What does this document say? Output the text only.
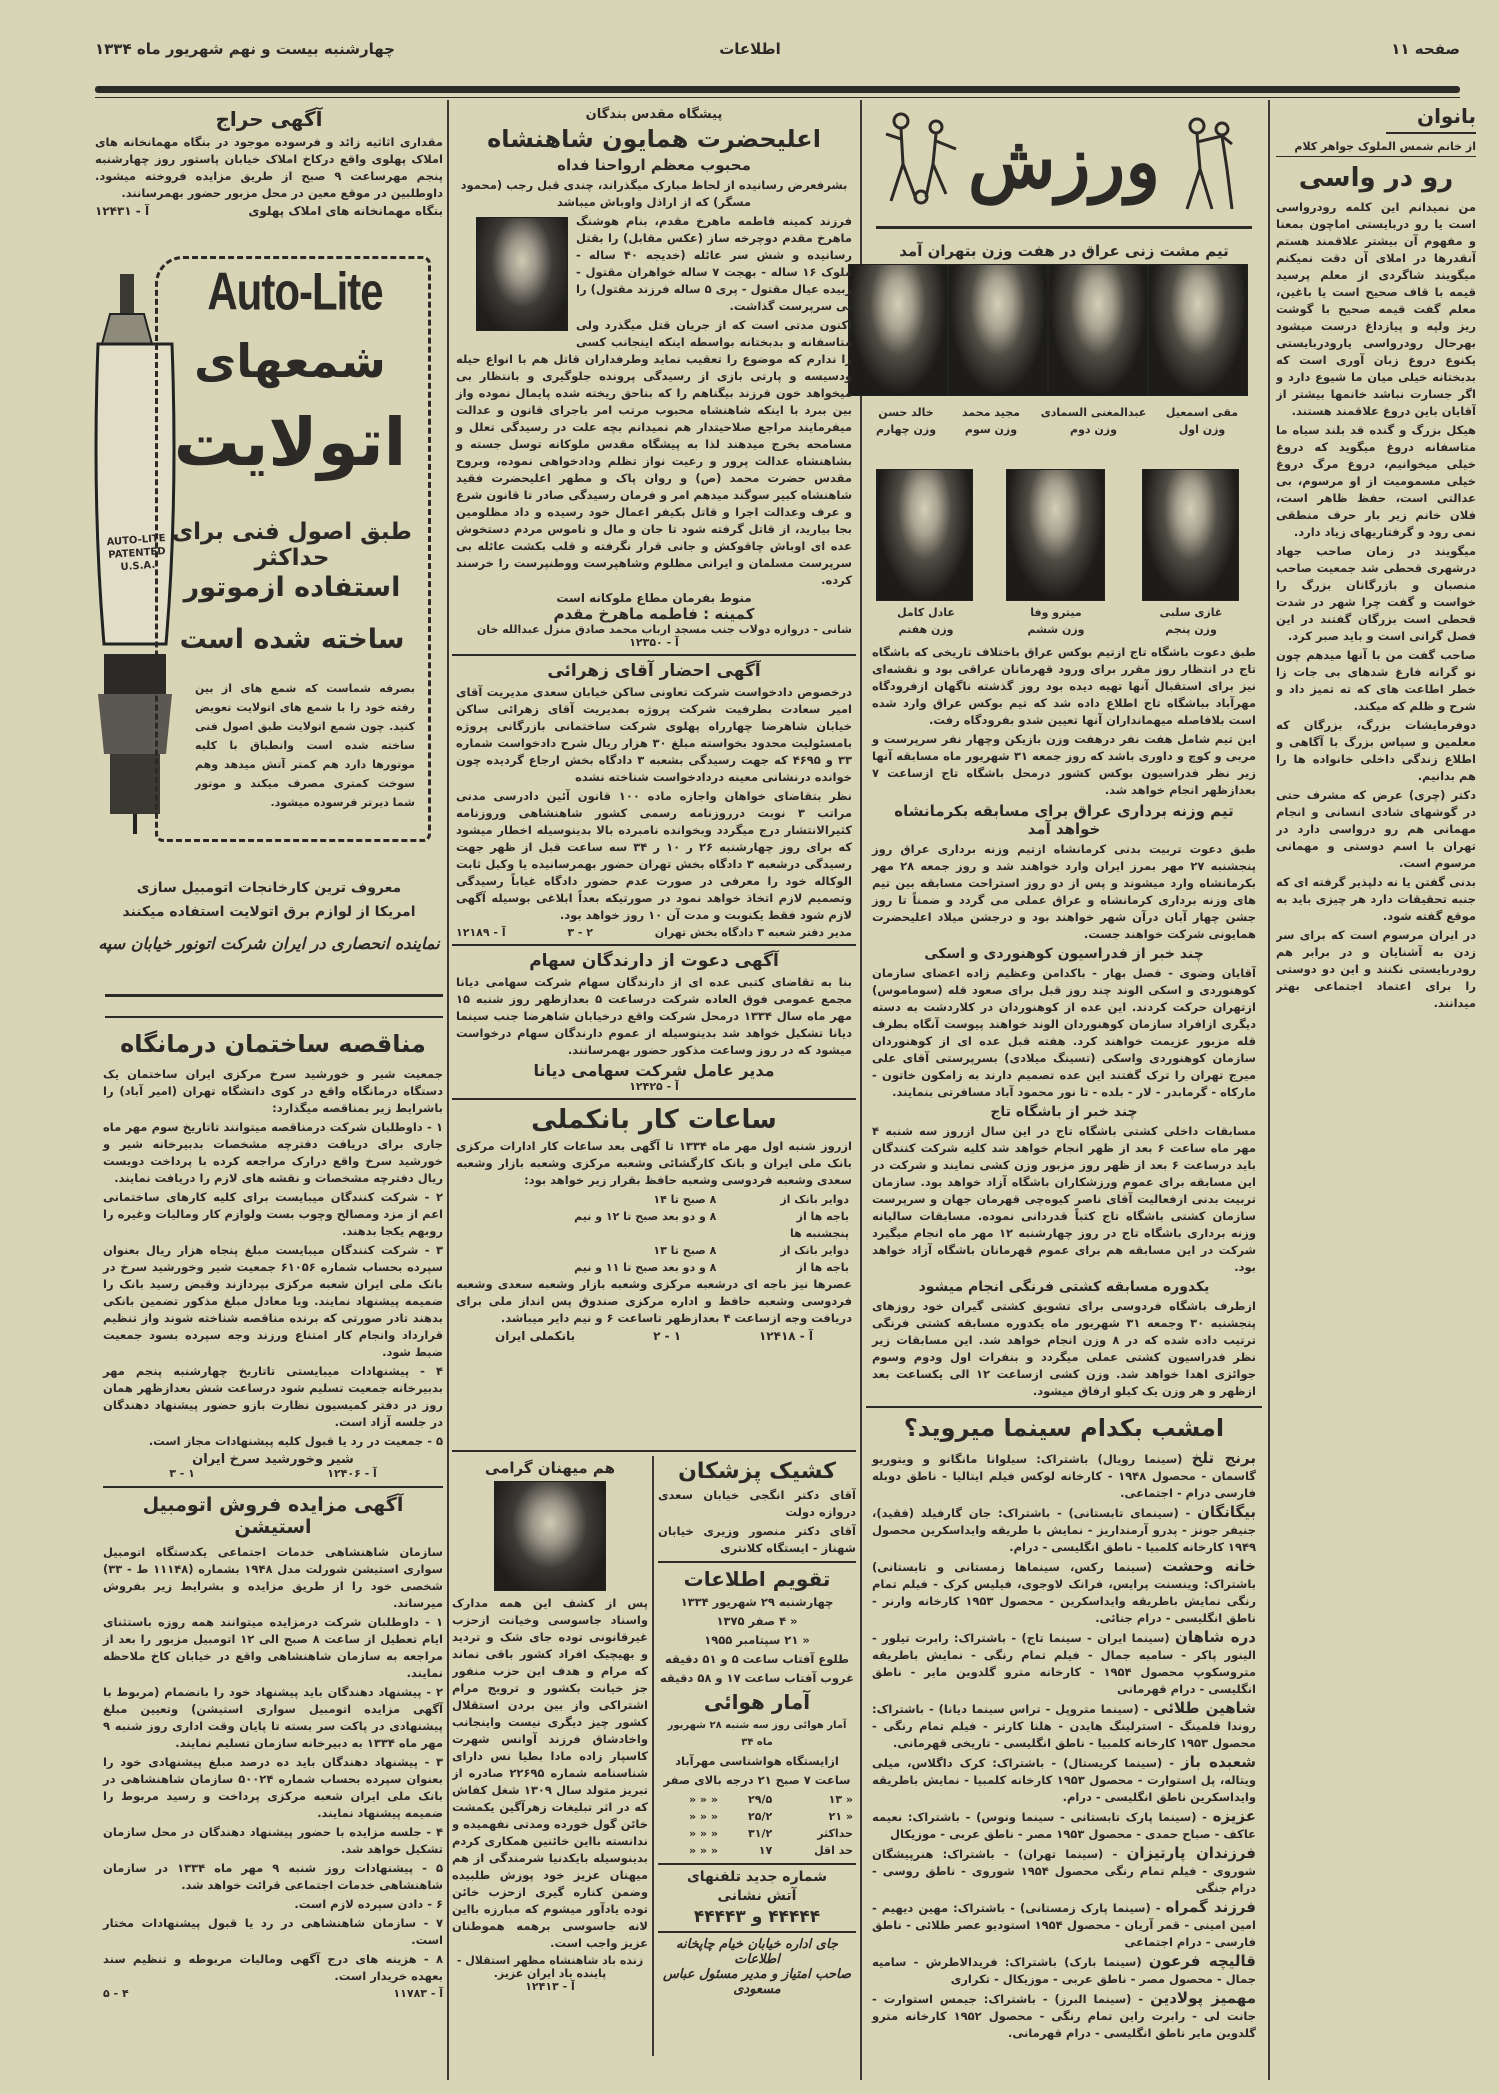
صفحه ۱۱
اطلاعات
چهارشنبه بیست و نهم شهریور ماه ۱۳۳۴
بانوان
از خانم شمس الملوک جواهر کلام
رو در واسی

من نمیدانم این کلمه رودرواسی است یا رو دربایستی اماچون بمعنا و مفهوم آن بیشتر علاقمند هستم آنقدرها در املای آن دقت نمیکنم میگویند شاگردی از معلم پرسید قیمه با قاف صحیح است یا باغین، معلم گفت قیمه صحیح با گوشت ریز ولپه و پیازداغ درست میشود بهرحال رودرواسی یارودربایستی یکنوع دروغ زبان آوری است که بدبختانه خیلی میان ما شیوع دارد و اگر جسارت نباشد خانمها بیشتر از آقایان باین دروغ علاقمند هستند.

هیکل بزرگ و گنده قد بلند سیاه ما متاسفانه دروغ میگوید که دروغ خیلی میخوانیم، دروغ مرگ دروغ خیلی مسمومیت از او مرسوم، بی عدالتی است، حفظ ظاهر است، فلان خانم زیر بار حرف منطقی نمی رود و گرفتاریهای زیاد دارد.

میگویند در زمان صاحب جهاد درشهری قحطی شد جمعیت صاحب منصبان و بازرگانان بزرگ را خواست و گفت چرا شهر در شدت قحطی است بزرگان گفتند در این فصل گرانی است و باید صبر کرد.

صاحب گفت من با آنها میدهم چون نو گرانه فارغ شدهای بی جات زا خطر اطاعت های که ته تمیز داد و شرح و ظلم که میکند.

دوفرمايشات بزرگ، بزرگان که معلمین و سپاس بزرگ با آگاهی و اطلاع زندگی داخلی خانواده ها را هم بدانیم.

دکتر (چری) عرض که مشرف حتی در گوشهای شادی انسانی و انجام مهمانی هم رو درواسی دارد در تهران با اسم دوستی و مهمانی مرسوم است.

بدنی گفتن یا نه دلپذیر گرفته ای که جنبه تحقیقات دارد هر چیزی باید به موقع گفته شود.

در ایران مرسوم است که برای سر زدن به آشنایان و در برابر هم رودربایستی نکنند و این دو دوستی را برای اعتماد اجتماعی بهتر میدانند.

ورزش
تیم مشت زنی عراق در هفت وزن بتهران آمد
مقی اسمعیل
وزن اول
عبدالمغنی السمادی
وزن دوم
مجید محمد
وزن سوم
خالد حسن
وزن چهارم
غازی سلبی
وزن پنجم
میترو وفا
وزن ششم
عادل کامل
وزن هفتم

طبق دعوت باشگاه تاج ازتیم بوکس عراق باختلاف تاریخی که باشگاه تاج در انتظار روز مقرر برای ورود قهرمانان عراقی بود و نقشه‌ای نیز برای استقبال آنها تهیه دیده بود روز گذشته ناگهان ازفرودگاه مهرآباد بباشگاه تاج اطلاع داده شد که تیم بوکس عراق وارد شده است بلافاصله میهمانداران آنها تعیین شدو بفرودگاه رفت.

این تیم شامل هفت نفر درهفت وزن بازیکن وچهار نفر سرپرست و مربی و کوچ و داوری باشد که روز جمعه ۳۱ شهریور ماه مسابقه آنها زیر نظر فدراسیون بوکس کشور درمحل باشگاه تاج ازساعت ۷ بعدازظهر انجام خواهد شد.

تیم وزنه برداری عراق برای مسابقه بکرمانشاه خواهد آمد

طبق دعوت تربیت بدنی کرمانشاه ازتیم وزنه برداری عراق روز پنجشنبه ۲۷ مهر بمرز ایران وارد خواهند شد و روز جمعه ۲۸ مهر بکرمانشاه وارد میشوند و پس از دو روز استراحت مسابقه بین تیم های وزنه برداری کرمانشاه و عراق عملی می گردد و ضمناً تا روز جشن چهار آبان درآن شهر خواهند بود و درجشن میلاد اعلیحضرت همایونی شرکت خواهند جست.

چند خبر از فدراسیون کوهنوردی و اسکی

آقایان وضوی - فصل بهار - باکدامن وعظیم زاده اعضای سازمان کوهنوردی و اسکی الوند چند روز قبل برای صعود قله (سوماموس) ازتهران حرکت کردند. این عده از کوهنوردان در کلاردشت به دسته دیگری ازافراد سازمان کوهنوردان الوند خواهند پیوست آنگاه بطرف قله مزبور عزیمت خواهند کرد. هفته قبل عده ای از کوهنوردان سازمان کوهنوردی واسکی (تسینگ میلادی) بسرپرستی آقای علی میرج تهران را ترک گفتند این عده تصمیم دارند به زامکون خاتون - مارکاه - گرمابدر - لار - بلده - تا نور محمود آباد مسافرتی بنمایند.

چند خبر از باشگاه تاج

مسابقات داخلی کشتی باشگاه تاج در این سال ازروز سه شنبه ۴ مهر ماه ساعت ۶ بعد از ظهر انجام خواهد شد کلیه شرکت کنندگان باید درساعت ۶ بعد از ظهر روز مزبور وزن کشی نمایند و شرکت در این مسابقه برای عموم ورزشکاران باشگاه آزاد خواهد بود. سازمان تربیت بدنی ازفعالیت آقای ناصر کیوه‌چی قهرمان جهان و سرپرست سازمان کشتی باشگاه تاج کتباً قدردانی نموده. مسابقات سالیانه وزنه برداری باشگاه تاج در روز چهارشنبه ۱۲ مهر ماه انجام میگیرد شرکت در این مسابقه هم برای عموم قهرمانان باشگاه آزاد خواهد بود.

یکدوره مسابقه کشتی فرنگی انجام میشود

ازطرف باشگاه فردوسی برای تشویق کشتی گیران خود روزهای پنجشنبه ۳۰ وجمعه ۳۱ شهریور ماه یکدوره مسابقه کشتی فرنگی ترتیب داده شده که در ۸ وزن انجام خواهد شد. این مسابقات زیر نظر فدراسیون کشتی عملی میگردد و بنفرات اول ودوم وسوم جوائزی اهدا خواهد شد. وزن کشی ازساعت ۱۲ الی یکساعت بعد ازظهر و هر وزن یک کیلو ارفاق میشود.

امشب بکدام سینما میروید؟

برنج تلخ (سینما رویال) باشتراک: سیلوانا مانگانو و ویتوریو گاسمان - محصول ۱۹۴۸ - کارخانه لوکس فیلم ایتالیا - ناطق دوبله فارسی درام - اجتماعی.

بیگانگان - (سینمای تابستانی) - باشتراک: جان گارفیلد (فقید)، جنیفر جونز - پدرو آرمنداریز - نمایش با طریقه وایداسکرین محصول ۱۹۴۹ کارخانه کلمبیا - ناطق انگلیسی - درام.

خانه وحشت (سینما رکس، سینماها زمستانی و تابستانی) باشتراک: وینسنت پرایس، فرانک لاوجوی، فیلیس کرک - فیلم تمام رنگی نمایش باطریقه وایداسکرین - محصول ۱۹۵۳ کارخانه وارنر - ناطق انگلیسی - درام جنائی.

دره شاهان (سینما ایران - سینما تاج) - باشتراک: رابرت تیلور - الینور پاکر - سامیه جمال - فیلم تمام رنگی - نمایش باطریقه متروسکوپ محصول ۱۹۵۴ - کارخانه مترو گلدوین مایر - ناطق انگلیسی - درام قهرمانی

شاهین طلائی - (سینما متروپل - تراس سینما دیانا) - باشتراک: روندا فلمینگ - استرلینگ هایدن - هلنا کارتر - فیلم تمام رنگی - محصول ۱۹۵۳ کارخانه کلمبیا - ناطق انگلیسی - تاریخی قهرمانی.

شعبده باز - (سینما کریستال) - باشتراک: کرک داگلاس، میلی ویتاله، پل استوارت - محصول ۱۹۵۳ کارخانه کلمبیا - نمایش باطریقه وایداسکرین ناطق انگلیسی - درام.

عزیزه - (سینما پارک تابستانی - سینما ونوس) - باشتراک: نعیمه عاکف - صباح حمدی - محصول ۱۹۵۳ مصر - ناطق عربی - موزیکال

فرزندان پارتیزان - (سینما تهران) - باشتراک: هنرپیشگان شوروی - فیلم تمام رنگی محصول ۱۹۵۴ شوروی - ناطق روسی - درام جنگی

فرزند گمراه - (سینما پارک زمستانی) - باشتراک: مهین دیهیم - امین امینی - قمر آریان - محصول ۱۹۵۴ استودیو عصر طلائی - ناطق فارسی - درام اجتماعی

قالیچه فرعون (سینما بارک) باشتراک: فریدالاطرش - سامیه جمال - محصول مصر - ناطق عربی - موزیکال - تکراری

مهمیز پولادین - (سینما البرز) - باشتراک: جیمس استوارت - جانت لی - رابرت راین تمام رنگی - محصول ۱۹۵۲ کارخانه مترو گلدوین مایر ناطق انگلیسی - درام قهرمانی.

پیشگاه مقدس بندگان
اعلیحضرت همایون شاهنشاه
محبوب معظم ارواحنا فداه

بشرفعرض رسانیده از لحاظ مبارک میگذراند، چندی قبل رجب (محمود مسگر) که از اراذل واوباش میباشد

فرزند کمینه فاطمه ماهرخ مقدم، بنام هوشنگ ماهرخ مقدم دوچرخه ساز (عکس مقابل) را بقتل رسانیده و شش سر عائله (خدیجه ۴۰ ساله - ملوک ۱۶ ساله - بهجت ۷ ساله خواهران مقتول - زبیده عیال مقتول - پری ۵ ساله فرزند مقتول) را بی سرپرست گذاشت.

اکنون مدتی است که از جریان قتل میگذرد ولی متاسفانه و بدبختانه بواسطه اینکه اینجانب کسی را ندارم که موضوع را تعقیب نماید وطرفداران قاتل هم با انواع حیله ودسیسه و پارتی بازی از رسیدگی پرونده جلوگیری و بانتظار بی میخواهد خون فرزند بیگناهم را که بناحق ریخته شده پایمال نموده واز بین ببرد با اینکه شاهنشاه محبوب مرتب امر باجرای قانون و عدالت میفرمایند مراجع صلاحیتدار هم نمیدانم بچه علت در رسیدگی تعلل و مسامحه بخرج میدهند لذا به پیشگاه مقدس ملوکانه توسل جسته و بشاهنشاه عدالت پرور و رعیت نواز تظلم ودادخواهی نموده، وبروح مقدس حضرت محمد (ص) و روان پاک و مطهر اعلیحضرت فقید شاهنشاه کبیر سوگند میدهم امر و فرمان رسیدگی صادر تا قانون شرع و عرف وعدالت اجرا و قاتل بکیفر اعمال خود رسیده و داد مظلومین بجا بیارید، از قاتل گرفته شود تا جان و مال و ناموس مردم دستخوش عده ای اوباش چاقوکش و جانی قرار نگرفته و قلب بکشت عائله بی سرپرست مسلمان و ایرانی مظلوم وشاهپرست ووطنپرست را خرسند کرده.

منوط بفرمان مطاع ملوکانه است
کمینه : فاطمه ماهرخ مقدم
شانی - دروازه دولاب جنب مسجد ارباب محمد صادق منزل عبدالله خان
آ - ۱۲۳۵۰
آگهی احضار آقای زهرائی

درخصوص دادخواست شرکت تعاونی ساکن خیابان سعدی مدیریت آقای امیر سعادت بطرفیت شرکت پروژه بمدیریت آقای زهرائی ساکن خیابان شاهرضا چهارراه پهلوی شرکت ساختمانی بازرگانی پروژه بامسئولیت محدود بخواسته مبلغ ۳۰ هزار ریال شرح دادخواست شماره ۳۳ و ۴۶۹۵ که جهت رسیدگی بشعبه ۳ دادگاه بخش ارجاع گردیده چون خوانده درنشانی معینه دردادخواست شناخته نشده

نظر بتقاضای خواهان واجازه ماده ۱۰۰ قانون آئین دادرسی مدنی مراتب ۳ نوبت درروزنامه رسمی کشور شاهنشاهی وروزنامه کثیرالانتشار درج میگردد وبخوانده نامبرده بالا بدینوسیله اخطار میشود که برای روز چهارشنبه ۲۶ ر ۱۰ ر ۳۴ سه ساعت قبل از ظهر جهت رسیدگی درشعبه ۳ دادگاه بخش تهران حضور بهمرسانیده یا وکیل ثابت الوکاله خود را معرفی در صورت عدم حضور دادگاه غیاباً رسیدگی وتصمیم لازم اتخاذ خواهد نمود در صورتیکه بعداً ابلاغی بوسیله آگهی لازم شود فقط یکنوبت و مدت آن ۱۰ روز خواهد بود.

مدیر دفتر شعبه ۳ دادگاه بخش تهران
۲ - ۳
آ - ۱۲۱۸۹
آگهی دعوت از دارندگان سهام

بنا به تقاضای کتبی عده ای از دارندگان سهام شرکت سهامی دیانا مجمع عمومی فوق العاده شرکت درساعت ۵ بعدازظهر روز شنبه ۱۵ مهر ماه سال ۱۳۳۴ درمحل شرکت واقع درخیابان شاهرضا جنب سینما دیانا تشکیل خواهد شد بدینوسیله از عموم دارندگان سهام درخواست میشود که در روز وساعت مذکور حضور بهمرسانند.

مدیر عامل شرکت سهامی دیانا
آ - ۱۲۴۲۵
ساعات کار بانکملی

ازروز شنبه اول مهر ماه ۱۳۳۴ تا آگهی بعد ساعات کار ادارات مرکزی بانک ملی ایران و بانک کارگشائی وشعبه مرکزی وشعبه بازار وشعبه سعدی وشعبه فردوسی وشعبه حافظ بقرار زیر خواهد بود:

دوایر بانک از	۸ صبح تا ۱۴
باجه ها از	۸ و دو بعد صبح تا ۱۲ و نیم
پنجشنبه ها	
دوایر بانک از	۸ صبح تا ۱۳
باجه ها از	۸ و دو بعد صبح تا ۱۱ و نیم

عصرها نیز باجه ای درشعبه مرکزی وشعبه بازار وشعبه سعدی وشعبه فردوسی وشعبه حافظ و اداره مرکزی صندوق پس انداز ملی برای دریافت وجه ازساعت ۴ بعدازظهر تاساعت ۶ و نیم دایر میباشد.

آ - ۱۲۴۱۸
۱ - ۲
بانکملی ایران
هم میهنان گرامی

پس از کشف این همه مدارک واسناد جاسوسی وخیانت ازحزب غیرقانونی توده جای شک و تردید و بهیچیک افراد کشور باقی نماند که مرام و هدف این حزب منفور جز خیانت بکشور و ترویج مرام اشتراکی واز بین بردن استقلال کشور چیز دیگری نیست واینجانب واخادشاق فرزند آوانس شهرت کاسپار زاده مادا بطیا نس دارای شناسنامه شماره ۲۲۶۹۵ صادره از تبریز متولد سال ۱۳۰۹ شغل کفاش که در اثر تبلیغات زهرآگین یکمشت خائن گول خورده ومدتی نفهمیده و ندانسته بااین خائنین همکاری کردم بدینوسیله بایکدنیا شرمندگی از هم میهنان عزیز خود پوزش طلبیده وضمن کناره گیری ازحزب خائن توده یادآور میشوم که مبارزه بااین لانه جاسوسی برهمه هموطنان عزیز واجب است.

زنده باد شاهنشاه مظهر استقلال - پاینده باد ایران عزیز.
آ - ۱۲۴۱۳
کشیک پزشکان
آقای دکتر انگجی خیابان سعدی دروازه دولت
آقای دکتر منصور وزیری خیابان شهناز - ایستگاه کلانتری
تقویم اطلاعات
چهارشنبه ۲۹ شهریور ۱۳۳۴
« ۴ صفر ۱۳۷۵
« ۲۱ سپتامبر ۱۹۵۵
طلوع آفتاب ساعت ۵ و ۵۱ دقیقه
غروب آفتاب ساعت ۱۷ و ۵۸ دقیقه
آمار هوائی
آمار هوائی روز سه شنبه ۲۸ شهریور ماه ۳۴
ازایستگاه هواشناسی مهرآباد
ساعت ۷ صبح ۲۱ درجه بالای صفر
« ۱۳	۲۹/۵	« « «
« ۲۱	۲۵/۲	« « «
حداکثر	۳۱/۲	« « «
حد اقل	۱۷	« « «
شماره جدید تلفنهای
آتش نشانی
۴۴۴۴۴ و ۴۴۴۴۳
جای اداره خیابان خیام چاپخانه اطلاعات
صاحب امتیاز و مدیر مسئول عباس مسعودی
آگهی حراج

مقداری اثاثیه زائد و فرسوده موجود در بنگاه مهمانخانه های املاک پهلوی واقع درکاخ املاک خیابان پاستور روز چهارشنبه پنجم مهرساعت ۹ صبح از طریق مزایده فروخته میشود. داوطلبین در موقع معین در محل مزبور حضور بهمرسانند.

بنگاه مهمانخانه های املاک پهلوی
آ - ۱۲۴۳۱
AUTO-LITE PATENTED U.S.A.
Auto-Lite
شمعهای
اتولایت
طبق اصول فنی برای حداکثر
استفاده ازموتور
ساخته شده است

بصرفه شماست که شمع های از بین رفته خود را با شمع های اتولایت تعویض کنید. چون شمع اتولایت طبق اصول فنی ساخته شده است وانطباق با کلیه موتورها دارد هم کمتر آتش میدهد وهم سوخت کمتری مصرف میکند و موتور شما دیرتر فرسوده میشود.

معروف ترین کارخانجات اتومبیل سازی
امریکا از لوازم برق اتولایت استفاده میکنند
نماینده انحصاری در ایران شرکت اتونور خیابان سپه
مناقصه ساختمان درمانگاه

جمعیت شیر و خورشید سرخ مرکزی ایران ساختمان یک دستگاه درمانگاه واقع در کوی دانشگاه تهران (امیر آباد) را باشرایط زیر بمناقصه میگذارد:

۱ - داوطلبان شرکت درمناقصه میتوانند تاتاریخ سوم مهر ماه جاری برای دریافت دفترچه مشخصات بدبیرخانه شیر و خورشید سرخ واقع درارک مراجعه کرده با پرداخت دویست ریال دفترچه مشخصات و نقشه های لازم را دریافت نمایند.

۲ - شرکت کنندگان میبایست برای کلیه کارهای ساختمانی اعم از مزد ومصالح وچوب بست ولوازم کار ومالیات وغیره را روبهم یکجا بدهند.

۳ - شرکت کنندگان میبایست مبلغ پنجاه هزار ریال بعنوان سپرده بحساب شماره ۶۱۰۵۶ جمعیت شیر وخورشید سرخ در بانک ملی ایران شعبه مرکزی بپردازند وقبض رسید بانک را ضمیمه پیشنهاد نمایند. ویا معادل مبلغ مذکور تضمین بانکی بدهند تادر صورتی که برنده مناقصه شناخته شوند واز تنظیم قرارداد وانجام کار امتناع ورزند وجه سپرده بسود جمعیت ضبط شود.

۴ - پیشنهادات میبایستی تاتاریخ چهارشنبه پنجم مهر بدبیرخانه جمعیت تسلیم شود درساعت شش بعدازظهر همان روز در دفتر کمیسیون نظارت بازو حضور پیشنهاد دهندگان در جلسه آزاد است.

۵ - جمعیت در رد یا قبول کلیه پیشنهادات مجاز است.

شیر وخورشید سرخ ایران
آ - ۱۲۴۰۶
۱ - ۳
آگهی مزایده فروش اتومبیل استیشن

سازمان شاهنشاهی خدمات اجتماعی یکدستگاه اتومبیل سواری استیشن شورلت مدل ۱۹۴۸ بشماره (۱۱۱۴۸ ط - ۳۳) شخصی خود را از طریق مزایده و بشرایط زیر بفروش میرساند.

۱ - داوطلبان شرکت درمزایده میتوانند همه روزه باستثنای ایام تعطیل از ساعت ۸ صبح الی ۱۲ اتومبیل مزبور را بعد از مراجعه به سازمان شاهنشاهی واقع در خیابان کاخ ملاحظه نمایند.

۲ - پیشنهاد دهندگان باید پیشنهاد خود را بانضمام (مربوط با آگهی مزایده اتومبیل سواری استیشن) وتعیین مبلغ پیشنهادی در پاکت سر بسته تا پایان وقت اداری روز شنبه ۹ مهر ماه ۱۳۳۴ به دبیرخانه سازمان تسلیم نمایند.

۳ - پیشنهاد دهندگان باید ده درصد مبلغ پیشنهادی خود را بعنوان سپرده بحساب شماره ۵۰۰۲۴ سازمان شاهنشاهی در بانک ملی ایران شعبه مرکزی پرداخت و رسید مربوط را ضمیمه پیشنهاد نمایند.

۴ - جلسه مزایده با حضور پیشنهاد دهندگان در محل سازمان تشکیل خواهد شد.

۵ - پیشنهادات روز شنبه ۹ مهر ماه ۱۳۳۴ در سازمان شاهنشاهی خدمات اجتماعی قرائت خواهد شد.

۶ - دادن سپرده لازم است.

۷ - سازمان شاهنشاهی در رد یا قبول پیشنهادات مختار است.

۸ - هزینه های درج آگهی ومالیات مربوطه و تنظیم سند بعهده خریدار است.

آ - ۱۱۷۸۳
۴ - ۵
